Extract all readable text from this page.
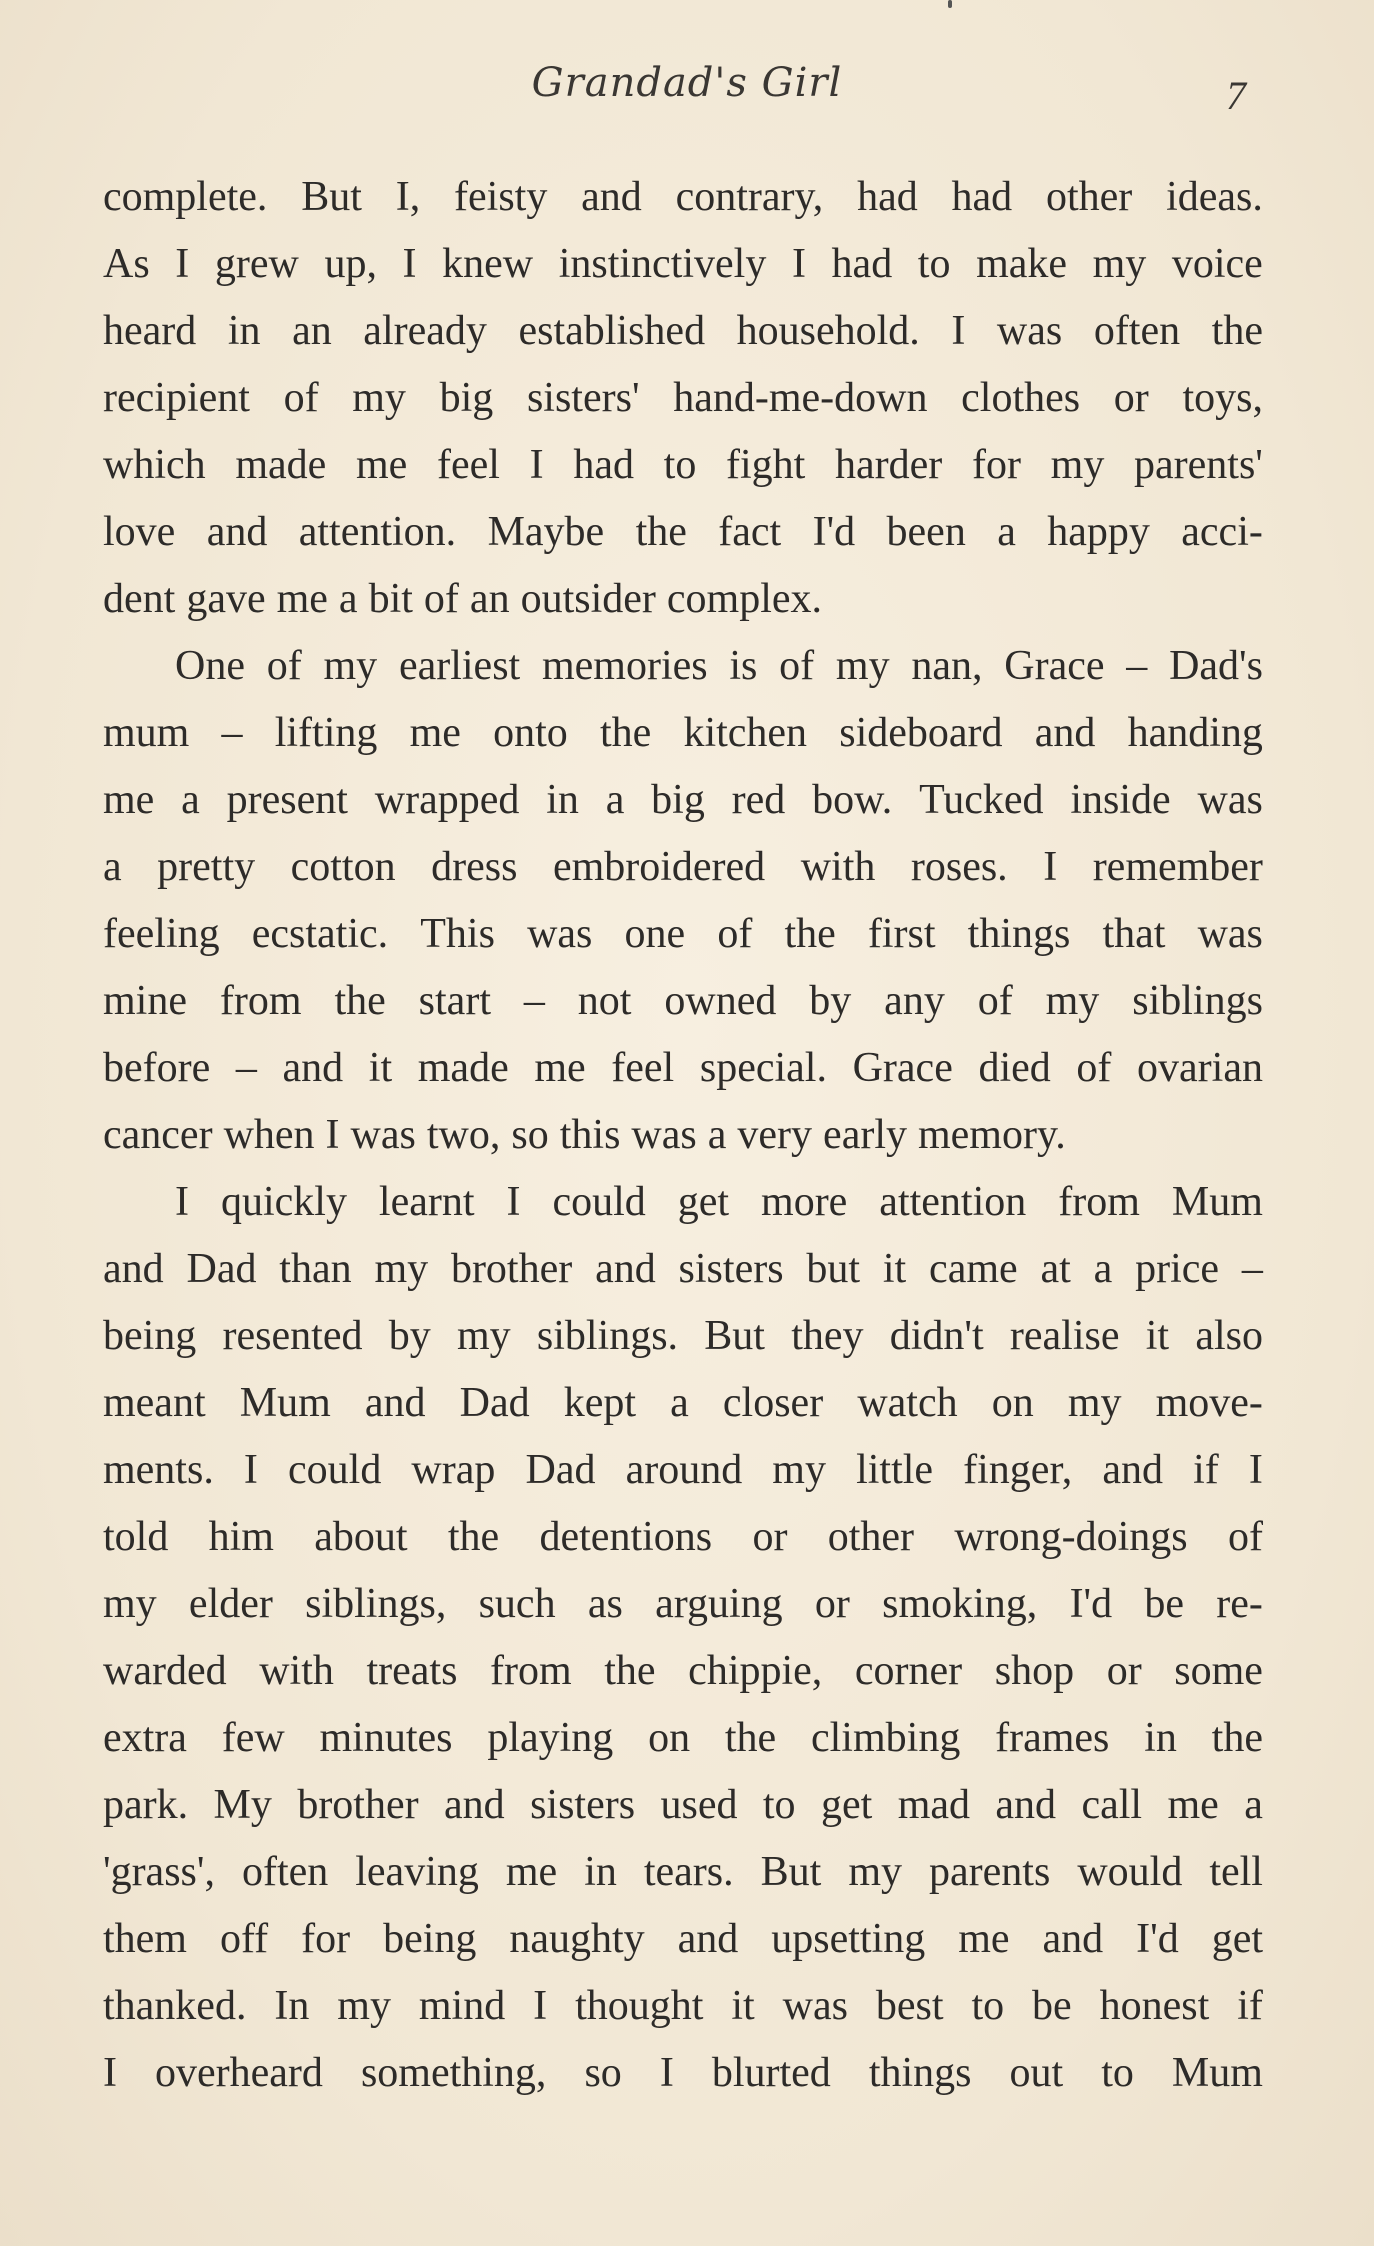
Grandad's Girl	7
complete. But I, feisty and contrary, had had other ideas.
As I grew up, I knew instinctively I had to make my voice
heard in an already established household. I was often the
recipient of my big sisters' hand-me-down clothes or toys,
which made me feel I had to fight harder for my parents'
love and attention. Maybe the fact I'd been a happy acci-
dent gave me a bit of an outsider complex.
One of my earliest memories is of my nan, Grace – Dad's
mum – lifting me onto the kitchen sideboard and handing
me a present wrapped in a big red bow. Tucked inside was
a pretty cotton dress embroidered with roses. I remember
feeling ecstatic. This was one of the first things that was
mine from the start – not owned by any of my siblings
before – and it made me feel special. Grace died of ovarian
cancer when I was two, so this was a very early memory.
I quickly learnt I could get more attention from Mum
and Dad than my brother and sisters but it came at a price –
being resented by my siblings. But they didn't realise it also
meant Mum and Dad kept a closer watch on my move-
ments. I could wrap Dad around my little finger, and if I
told him about the detentions or other wrong-doings of
my elder siblings, such as arguing or smoking, I'd be re-
warded with treats from the chippie, corner shop or some
extra few minutes playing on the climbing frames in the
park. My brother and sisters used to get mad and call me a
'grass', often leaving me in tears. But my parents would tell
them off for being naughty and upsetting me and I'd get
thanked. In my mind I thought it was best to be honest if
I overheard something, so I blurted things out to Mum
